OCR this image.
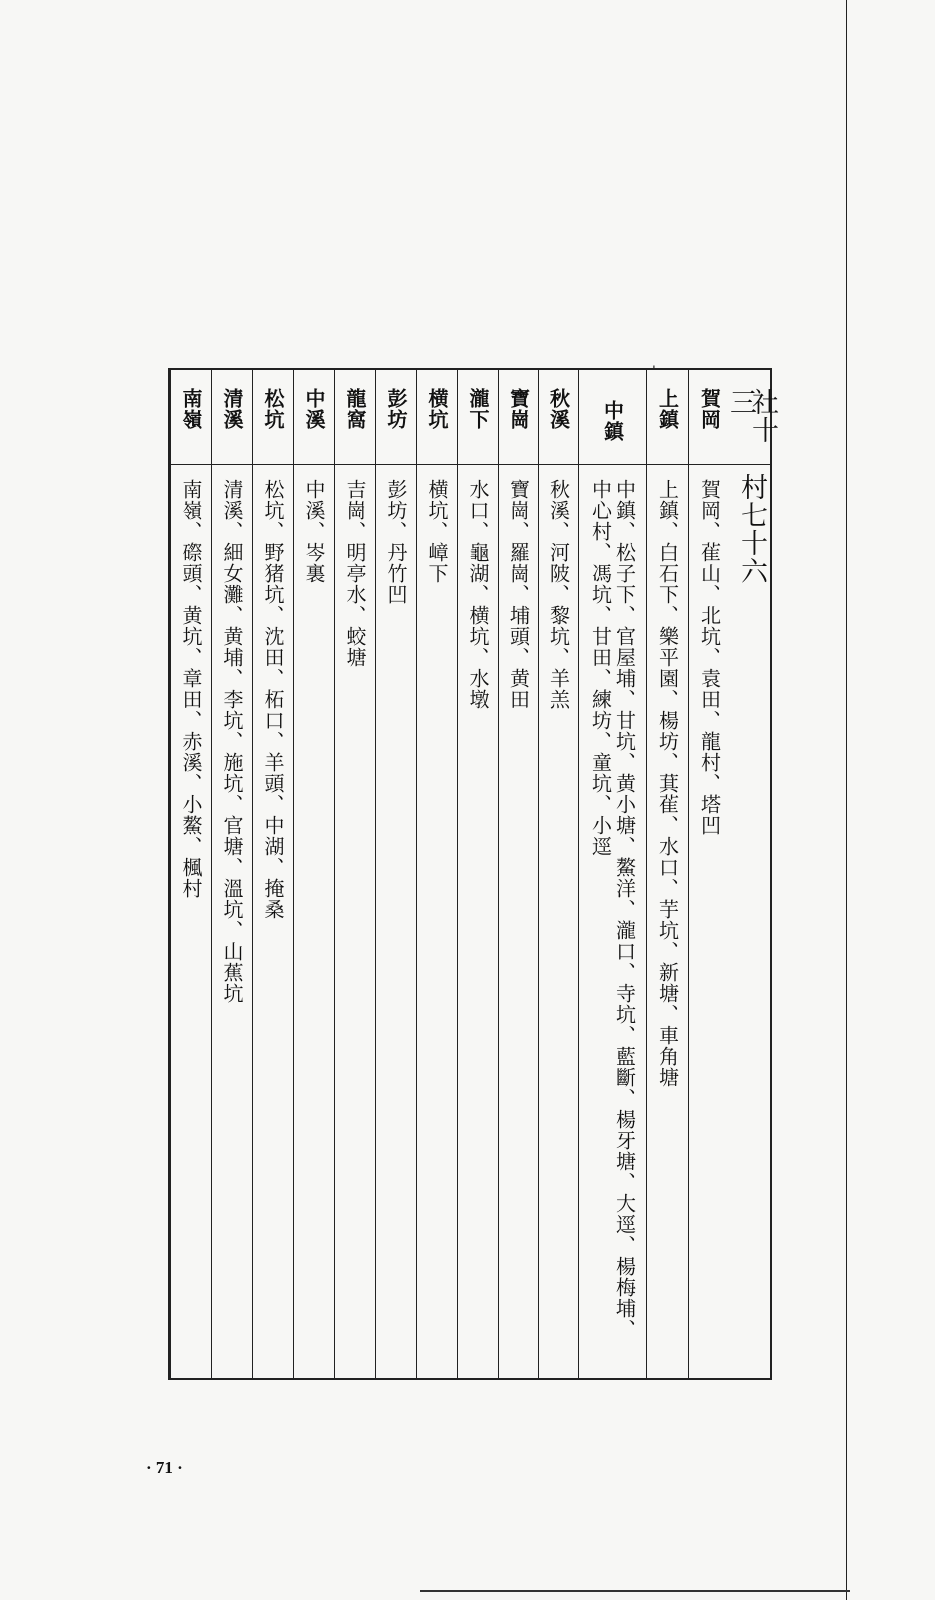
'
社十三
村七十六
賀岡
賀岡、雈山、北坑、袁田、龍村、塔凹
上鎮
上鎮、白石下、樂平園、楊坊、萁雈、水口、芋坑、新塘、車角塘
中鎮
中鎮、松子下、官屋埔、甘坑、黄小塘、鰲洋、瀧口、寺坑、藍斷、楊牙塘、大逕、楊梅埔、
中心村、馮坑、甘田、練坊、童坑、小逕
秋溪
秋溪、河陂、黎坑、羊羔
寶崗
寶崗、羅崗、埔頭、黄田
瀧下
水口、龜湖、横坑、水墩
横坑
横坑、嶂下
彭坊
彭坊、丹竹凹
龍窩
吉崗、明亭水、蛟塘
中溪
中溪、岑裏
松坑
松坑、野猪坑、沈田、柘口、羊頭、中湖、掩桑
清溪
清溪、細女灘、黄埔、李坑、施坑、官塘、溫坑、山蕉坑
南嶺
南嶺、磜頭、黄坑、章田、赤溪、小鰲、楓村
· 71 ·
